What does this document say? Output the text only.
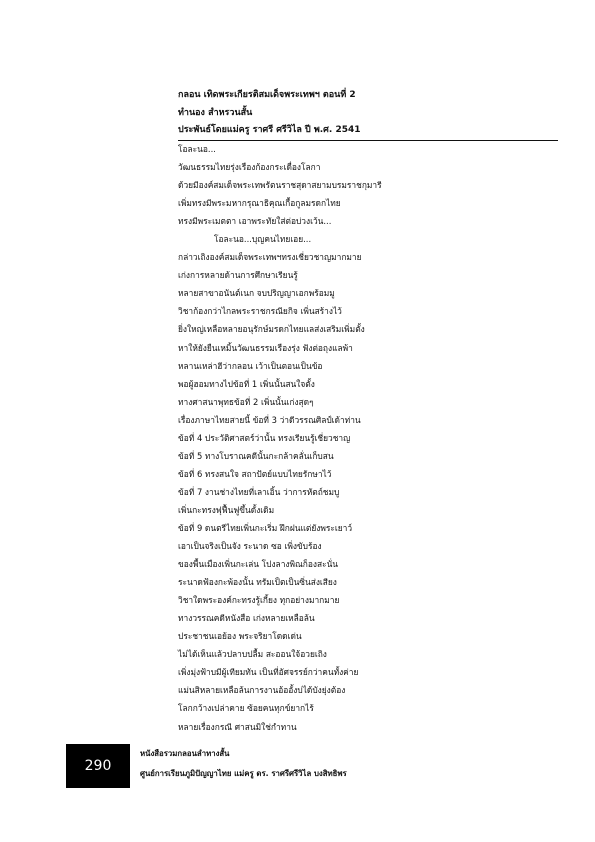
กลอน เทิดพระเกียรติสมเด็จพระเทพฯ ตอนที่ 2
ทำนอง สำหรวนสั้น
ประพันธ์โดยแม่ครู ราศรี ศรีวิไล ปี พ.ศ. 2541
โอละนอ...
วัฒนธรรมไทยรุ่งเรืองก้องกระเดื่องโลกา
ด้วยมีองค์สมเด็จพระเทพรัตนราชสุดาสยามบรมราชกุมารี
เพิ่มทรงมีพระมหากรุณาธิคุณเกื้อกูลมรดกไทย
ทรงมีพระเมตตา เอาพระทัยใส่ต่อบ่วงเว้น...
โอละนอ...บุญคนไทยเอย...
กล่าวเถิงองค์สมเด็จพระเทพฯทรงเชี่ยวชาญมากมาย
เก่งการหลายด้านการศึกษาเรียนรู้
หลายสาขาอนันต์เนก จบปริญญาเอกพร้อมมู
วิชาก้องกว่าไกลพระราชกรณียกิจ เพิ่นสร้างไว้
ยิ่งใหญ่เหลือหลายอนุรักษ์มรดกไทยแลส่งเสริมเพิ่มตั้ง
หาให้ยังยืนเหมิ้นวัฒนธรรมเรืองรุ่ง ฟังต่อถุงแลพ้า
หลานเหล่าฮีว่ากลอน เว้าเป็นตอนเป็นข้อ
พอผู้ฮอมทางไปข้อที่ 1 เพิ่นนั้นสนใจตั้ง
ทางศาสนาพุทธข้อที่ 2 เพิ่นนั้นเก่งสุดๆ
เรื่องภาษาไทยสายนี้ ข้อที่ 3 ว่าดีวรรณศิลป์เด้าท่าน
ข้อที่ 4 ประวัติศาสตร์ว่านั้น ทรงเรียนรู้เชี่ยวชาญ
ข้อที่ 5 ทางโบราณคดีนั้นกะกล้าคลั่นเก็บสน
ข้อที่ 6 ทรงสนใจ สถาปัตย์แบบไทยรักษาไว้
ข้อที่ 7 งานช่างไทยที่เลาเอิ้น ว่าการหัตถ์ชมบู
เพิ่นกะทรงฟุฟื้นฟูขึ้นดั้งเดิม
ข้อที่ 9 ดนตรีไทยเพิ่นกะเริ่ม ฝึกฝนแต่ยังพระเยาว์
เอาเป็นจริงเป็นจัง ระนาด ซอ เพิ่งขับร้อง
ของพื้นเมืองเพิ่นกะเล่น โปงลางพิณก็องสะนั่น
ระนาดฟ้องกะพ้องนั้น ทรัมเป็ตเป็นซิ่นส่งเสียง
วิชาใดพระองค์กะทรงรู้เกี้ยง ทุกอย่างมากมาย
ทางวรรณคดีหนังสือ เก่งหลายเหลือล้น
ประชาชนเอย้อง พระจริยาโดดเด่น
ไม่ได้เห็นแล้วปลาบปลื้ม สะออนใจ้อวยเถิง
เพิ่งมุ่งฟ้าบมีผู้เทียมทัน เป็นที่อัศจรรย์กว่าคนทั้งค่าย
แม่นสิหลายเหลือล้นการงานอ้ออั้งบ่ได้บังยุ่งต้อง
โลกกว้างเปล่าคาย ซ้อยคนทุกข์ยากไร้
หลายเรื่องกรณี ศาสนมิใช่กำทาน
290
หนังสือรวมกลอนลำทางสั้น
ศูนย์การเรียนภูมิปัญญาไทย แม่ครู ดร. ราศรีศรีวิไล บงสิทธิพร
